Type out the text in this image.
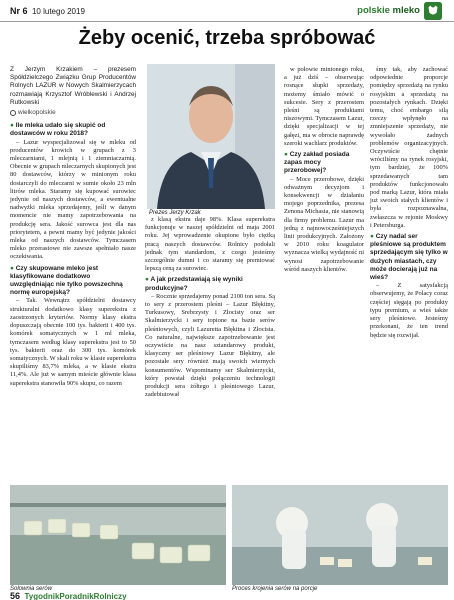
Nr 6 10 lutego 2019	polskie mleko
Żeby ocenić, trzeba spróbować

Z Jerzym Krzakiem – prezesem Spółdzielczego Związku Grup Producentów Rolnych LAZUR w Nowych Skalmierzycach rozmawiają Krzysztof Wróblewski i Andrzej Rutkowski

wielkopolskie

● Ile mleka udało się skupić od dostawców w roku 2018?

– Lazur wyspecjalizował się w mleku od producentów krowich w grupach z 3 mleczarniami, 1 mlejnią i 1 ziemniaczarnią. Obecnie w grupach mleczarnych skupionych jest 80 dostawców, którzy w minionym roku dostarczyli do mleczarni w sumie około 23 mln litrów mleka. Staramy się kupować surowiec jedynie od naszych dostawców, a ewentualne nadwyżki mleka sprzedajemy, jeśli w danym momencie nie mamy zapotrzebowania na produkcję sera. Jakość surowca jest dla nas priorytetem, a pewni mamy być jedynie jakości mleka od naszych dostawców. Tymczasem mleko przerastowe nie zawsze spełniało nasze oczekiwania.

● Czy skupowane mleko jest klasyfikowane dodatkowo uwzględniając nie tylko powszechną normę europejską?

– Tak. Wewnątrz spółdzielni dostawcy strukturalni dodatkowo klasy superekstra z zaostrzonych kryteriów. Normy klasy ekstra dopuszczają obecnie 100 tys. bakterii i 400 tys. komórek somatycznych w 1 ml mleka, tymczasem według klasy superekstra jest to 50 tys. bakterii oraz do 300 tys. komórek somatycznych. W skali roku w klasie superekstra skupiliśmy 83,7% mleka, a w klasie ekstra 11,4%. Ale już w samym mieście głównie klasa superekstra stanowiła 90% skupu, co razem

Prezes Jerzy Krzak

z klasą ekstra daje 98%. Klasa superekstra funkcjonuje w naszej spółdzielni od maja 2001 roku. Jej wprowadzenie okupione było ciężką pracą naszych dostawców. Rolnicy podołali jednak tym standardom, z czego jesteśmy szczególnie dumni i co staramy się premiować lepszą ceną za surowiec.

● A jak przedstawiają się wyniki produkcyjne?

– Rocznie sprzedajemy ponad 2100 ton sera. Są to sery z przerostem pleśni – Lazur Błękitny, Turkusowy, Srebrzysty i Złocisty oraz ser Skalmierzycki i sery topione na bazie serów pleśniowych, czyli Lazuretta Błękitna i Złocista. Co naturalne, największe zapotrzebowanie jest oczywiście na nasz sztandarowy produkt, klasyczny ser pleśniowy Lazur Błękitny, ale pozostałe sery również mają swoich wiernych konsumentów. Wspominamy ser Skalmierzycki, który powstał dzięki połączeniu technologii produkcji sera żółtego i pleśniowego Lazur, zadebiutował

w połowie minionego roku, a już dziś – obserwując rosnące słupki sprzedaży, możemy śmiało mówić o sukcesie. Sery z przerostem pleśni są produktami niszowymi. Tymczasem Lazur, dzięki specjalizacji w tej gałęzi, ma w obrocie naprawdę szeroki wachlarz produktów.

● Czy zakład posiada zapas mocy przerobowej?

– Moce przerobowe, dzięki odważnym decyzjom i konsekwencji w działaniu mojego poprzednika, prezesa Zenona Michasia, nie stanowią dla firmy problemu. Lazur ma jedną z najnowocześniejszych linii produkcyjnych. Założony w 2010 roku koagulator wyznacza wielką wydajność ni wynosi zapotrzebowanie wśród naszych klientów.

śmy tak, aby zachować odpowiednie proporcje pomiędzy sprzedażą na rynku rosyjskim a sprzedażą na pozostałych rynkach. Dzięki temu, choć embargo silą rzeczy wpłynęło na zmniejszenie sprzedaży, nie wywołało żadnych problemów organizacyjnych. Oczywiście chętnie wróciliśmy na rynek rosyjski, tym bardziej, że 100% sprzedawanych tam produktów funkcjonowało pod marką Lazur, która miała już swoich stałych klientów i była rozpoznawalna, zwłaszcza w rejonie Moskwy i Petersburga.

● Czy nadal ser pleśniowe są produktem sprzedającym się tylko w dużych miastach, czy może docierają już na wieś?

– Z satysfakcją obserwujemy, że Polacy coraz częściej sięgają po produkty typu premium, a wieś także sery pleśniowe. Jesteśmy przekonani, że ten trend będzie się rozwijał.

Solownia serów	Proces krojenia serów na porcje
56 TygodnikPoradnikRolniczy
